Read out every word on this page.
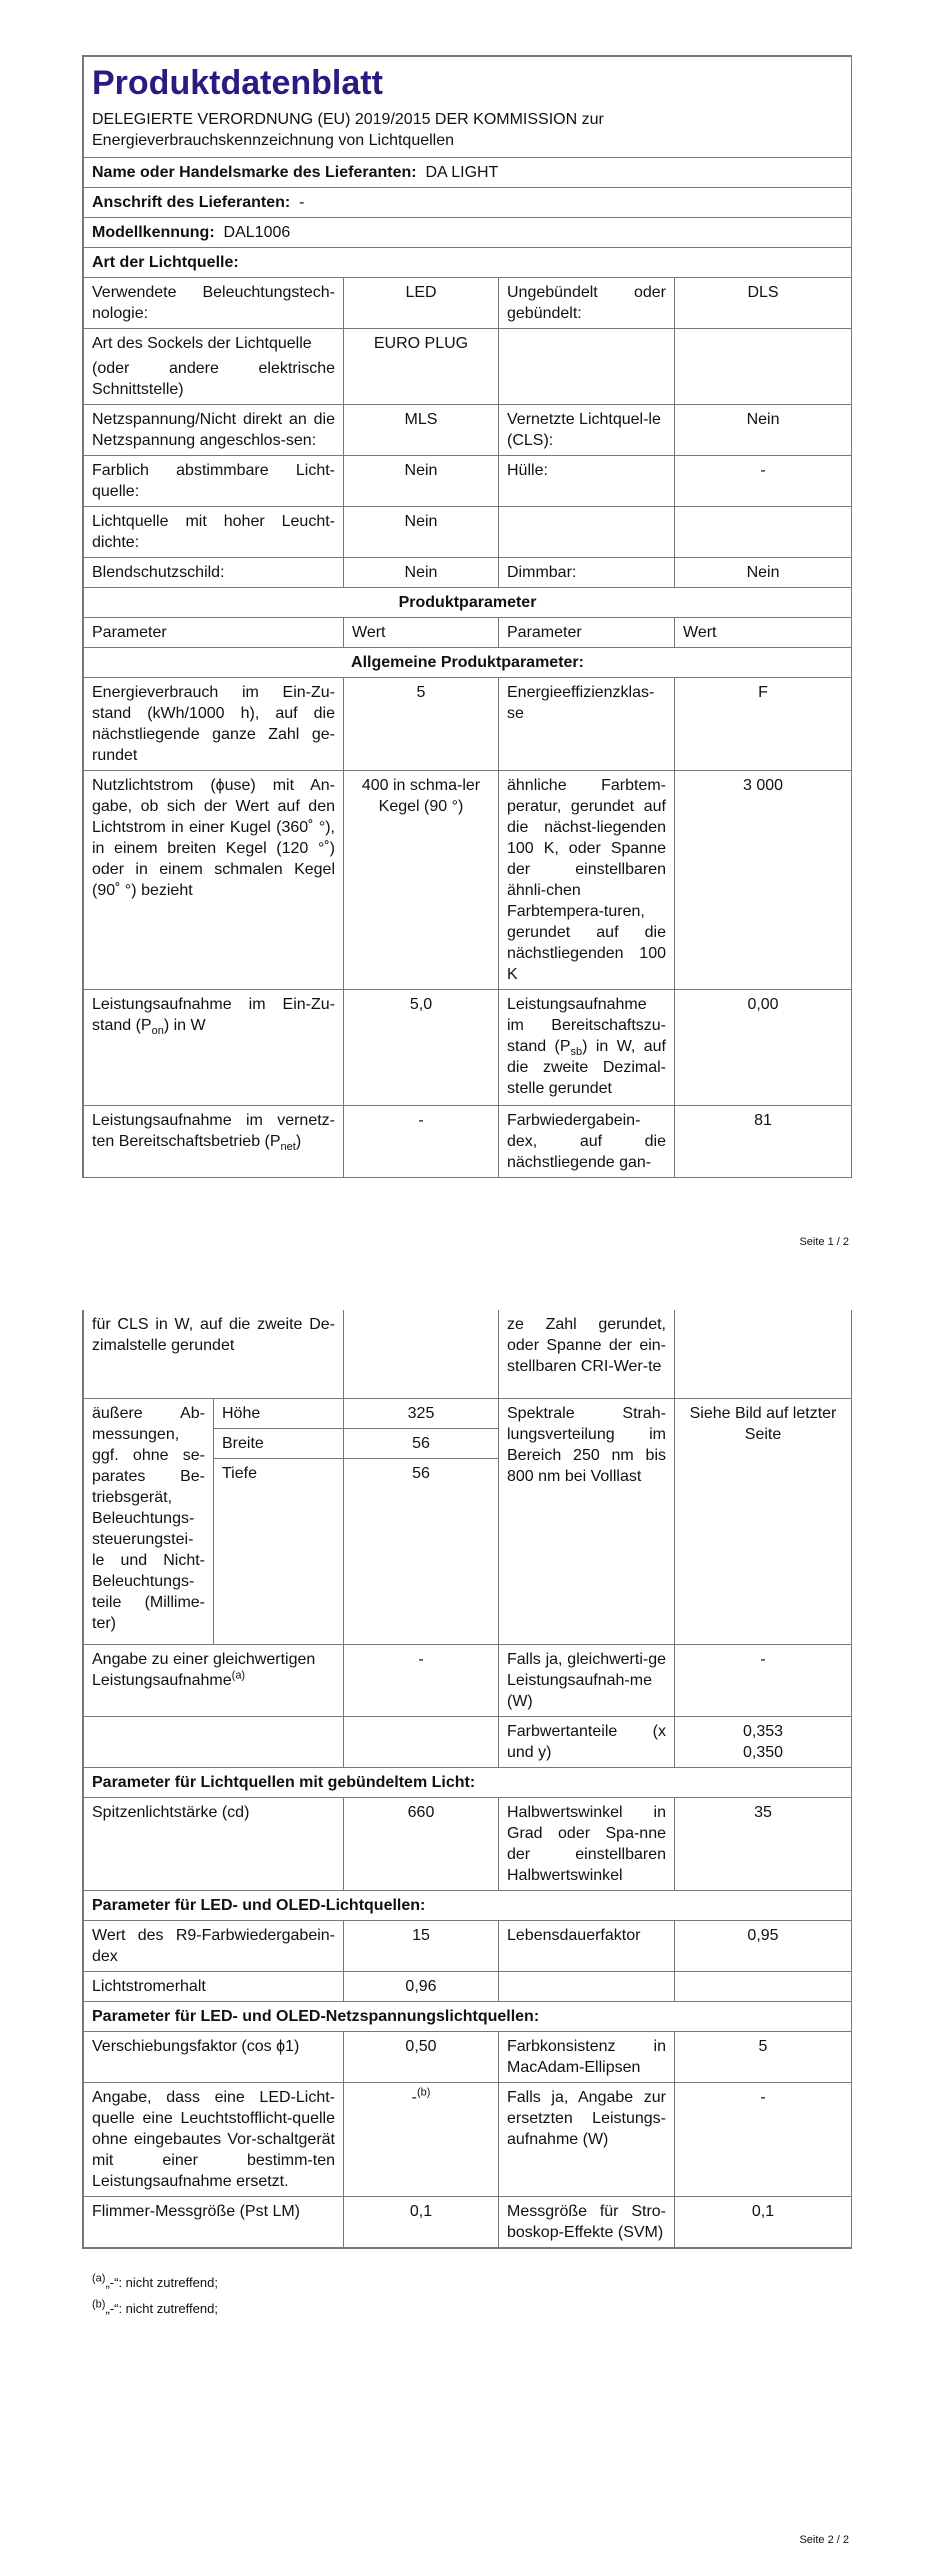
Produktdatenblatt
DELEGIERTE VERORDNUNG (EU) 2019/2015 DER KOMMISSION zur
Energieverbrauchskennzeichnung von Lichtquellen			

Name oder Handelsmarke des Lieferanten: DA LIGHT			
Anschrift des Lieferanten: -			
Modellkennung: DAL1006			
Art der Lichtquelle:			
Verwendete Beleuchtungstech-nologie:	LED	Ungebündelt oder gebündelt:	DLS

Art des Sockels der Lichtquelle
(oder andere elektrische Schnittstelle)	EURO PLUG		
Netzspannung/Nicht direkt an die Netzspannung angeschlos-sen:	MLS	Vernetzte Lichtquel-le (CLS):	Nein
Farblich abstimmbare Licht-quelle:	Nein	Hülle:	-
Lichtquelle mit hoher Leucht-dichte:	Nein		
Blendschutzschild:	Nein	Dimmbar:	Nein
Produktparameter			
Parameter	Wert	Parameter	Wert
Allgemeine Produktparameter:			
Energieverbrauch im Ein-Zu-stand (kWh/1000 h), auf die nächstliegende ganze Zahl ge-rundet	5	Energieeffizienzklas-se	F
Nutzlichtstrom (ϕuse) mit An-gabe, ob sich der Wert auf den Lichtstrom in einer Kugel (360˚ °), in einem breiten Kegel (120 °˚) oder in einem schmalen Kegel (90˚ °) bezieht	400 in schma-ler Kegel (90 °)	ähnliche Farbtem-peratur, gerundet auf die nächst-liegenden 100 K, oder Spanne der einstellbaren ähnli-chen Farbtempera-turen, gerundet auf die nächstliegenden 100 K	3 000
Leistungsaufnahme im Ein-Zu-stand $(P_{on})$ in W	5,0	Leistungsaufnahme im Bereitschaftszu-stand $(P_{sb})$ in W, auf die zweite Dezimal-stelle gerundet	0,00
Leistungsaufnahme im vernetz-ten Bereitschaftsbetrieb $(P_{net})$	-	Farbwiedergabein-dex, auf die nächstliegende gan-	81
Seite 1 / 2
für CLS in W, auf die zweite De-zimalstelle gerundet			ze Zahl gerundet, oder Spanne der ein-stellbaren CRI-Wer-te	
äußere Ab-messungen, ggf. ohne se-parates Be-triebsgerät, Beleuchtungs-steuerungstei-le und Nicht-Beleuchtungs-teile (Millime-ter)	Höhe	325	Spektrale Strah-lungsverteilung im Bereich 250 nm bis 800 nm bei Volllast	Siehe Bild auf letzter Seite
	Breite	56		
	Tiefe	56		
Angabe zu einer gleichwertigen Leistungsaufnahme$^{(a)}$		-	Falls ja, gleichwerti-ge Leistungsaufnah-me (W)	-
			Farbwertanteile (x und y)	0,353
0,350

Parameter für Lichtquellen mit gebündeltem Licht:				
Spitzenlichtstärke (cd)		660	Halbwertswinkel in Grad oder Spa-nne der einstellbaren Halbwertswinkel	35
Parameter für LED- und OLED-Lichtquellen:				
Wert des R9-Farbwiedergabein-dex		15	Lebensdauerfaktor	0,95
Lichtstromerhalt		0,96		
Parameter für LED- und OLED-Netzspannungslichtquellen:				
Verschiebungsfaktor (cos ϕ1)		0,50	Farbkonsistenz in MacAdam-Ellipsen	5
Angabe, dass eine LED-Licht-quelle eine Leuchtstofflicht-quelle ohne eingebautes Vor-schaltgerät mit einer bestimm-ten Leistungsaufnahme ersetzt.		-$^{(b)}$	Falls ja, Angabe zur ersetzten Leistungs-aufnahme (W)	-
Flimmer-Messgröße (Pst LM)		0,1	Messgröße für Stro-boskop-Effekte (SVM)	0,1
$^{(a)}$„-“: nicht zutreffend;
$^{(b)}$„-“: nicht zutreffend;
Seite 2 / 2
